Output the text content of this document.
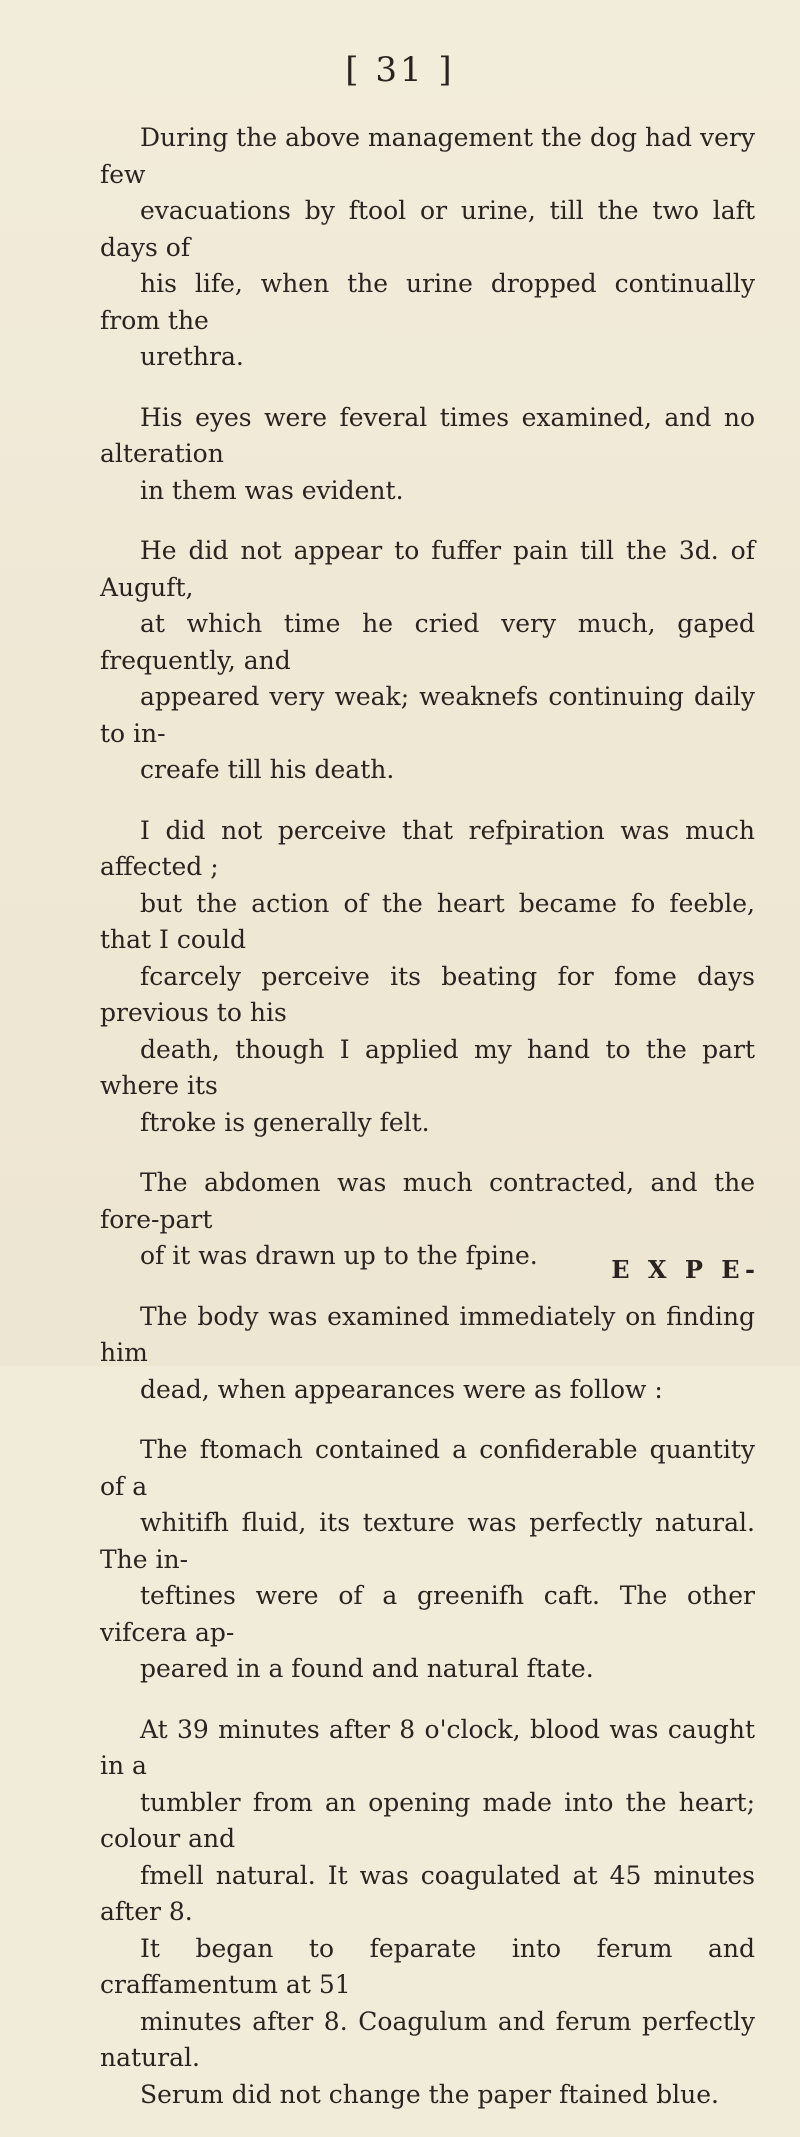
[ 31 ]

During the above management the dog had very few
evacuations by ftool or urine, till the two laft days of
his life, when the urine dropped continually from the
urethra.

His eyes were feveral times examined, and no alteration
in them was evident.

He did not appear to fuffer pain till the 3d. of Auguft,
at which time he cried very much, gaped frequently, and
appeared very weak; weaknefs continuing daily to in-
creafe till his death.

I did not perceive that refpiration was much affected ;
but the action of the heart became fo feeble, that I could
fcarcely perceive its beating for fome days previous to his
death, though I applied my hand to the part where its
ftroke is generally felt.

The abdomen was much contracted, and the fore-part
of it was drawn up to the fpine.

The body was examined immediately on finding him
dead, when appearances were as follow :

The ftomach contained a confiderable quantity of a
whitifh fluid, its texture was perfectly natural. The in-
teftines were of a greenifh caft. The other vifcera ap-
peared in a found and natural ftate.

At 39 minutes after 8 o'clock, blood was caught in a
tumbler from an opening made into the heart; colour and
fmell natural. It was coagulated at 45 minutes after 8.
It began to feparate into ferum and craffamentum at 51
minutes after 8. Coagulum and ferum perfectly natural.
Serum did not change the paper ftained blue.

E X P E-
